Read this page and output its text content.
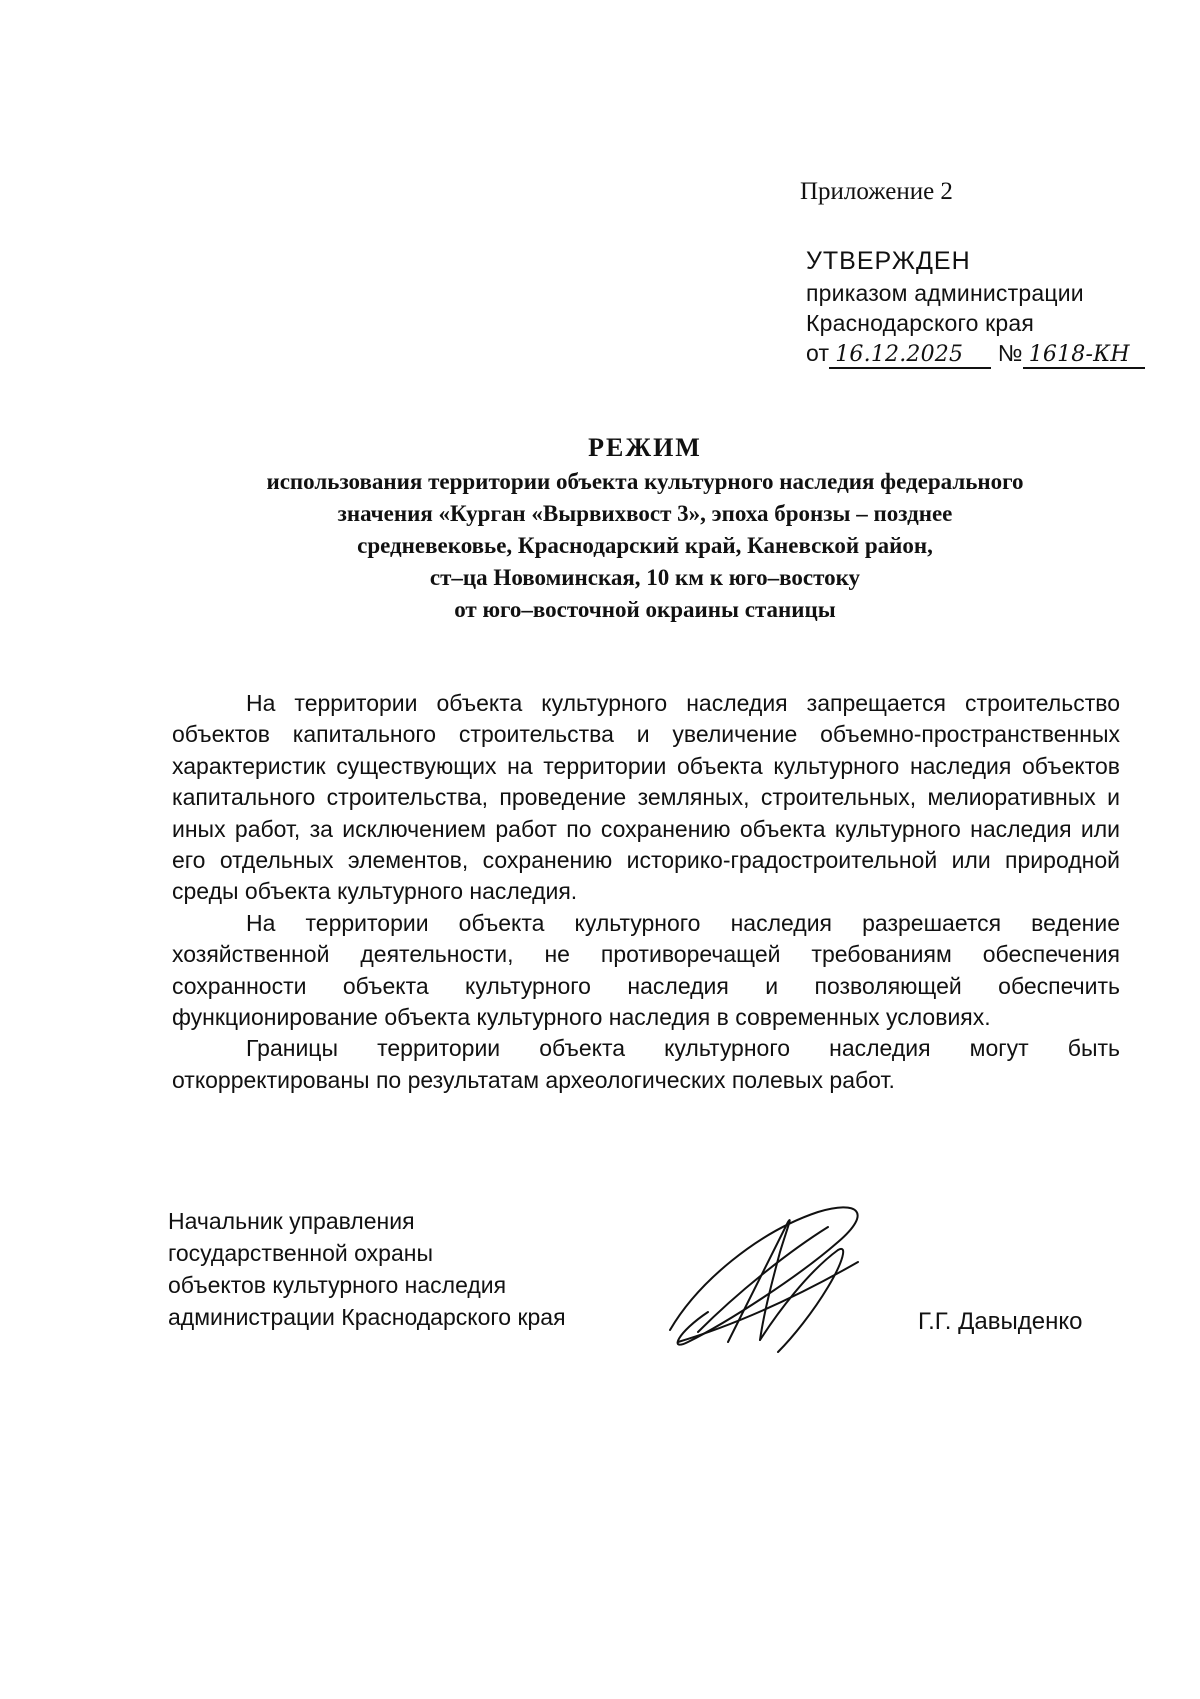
Приложение 2
УТВЕРЖДЕН
приказом администрации
Краснодарского края
от 16.12.2025 № 1618-КН
РЕЖИМ
использования территории объекта культурного наследия федерального
значения «Курган «Вырвихвост 3», эпоха бронзы – позднее
средневековье, Краснодарский край, Каневской район,
ст–ца Новоминская, 10 км к юго–востоку
от юго–восточной окраины станицы

На территории объекта культурного наследия запрещается строительство объектов капитального строительства и увеличение объемно-пространственных характеристик существующих на территории объекта культурного наследия объектов капитального строительства, проведение земляных, строительных, мелиоративных и иных работ, за исключением работ по сохранению объекта культурного наследия или его отдельных элементов, сохранению историко-градостроительной или природной среды объекта культурного наследия.

На территории объекта культурного наследия разрешается ведение хозяйственной деятельности, не противоречащей требованиям обеспечения сохранности объекта культурного наследия и позволяющей обеспечить функционирование объекта культурного наследия в современных условиях.

Границы территории объекта культурного наследия могут быть откорректированы по результатам археологических полевых работ.

Начальник управления
государственной охраны
объектов культурного наследия
администрации Краснодарского края	Г.Г. Давыденко
